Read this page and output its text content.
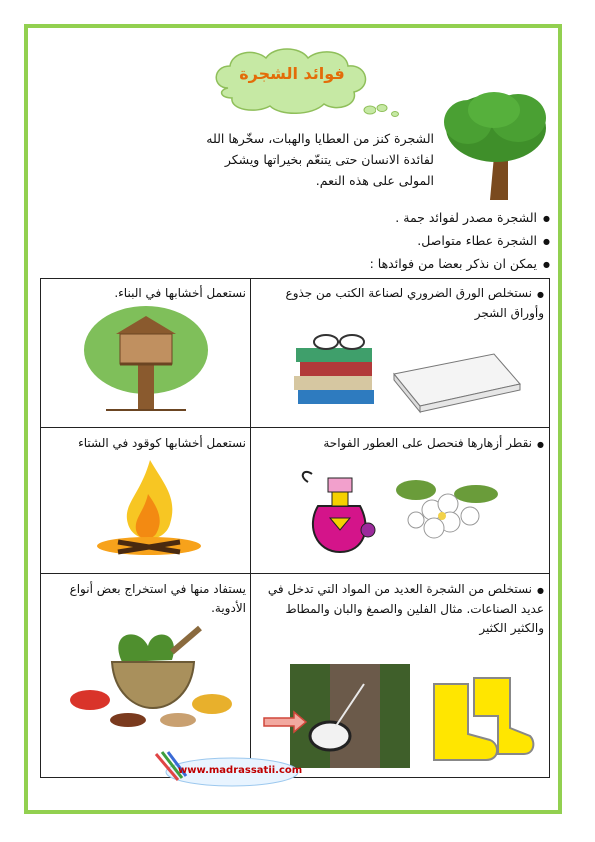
فوائد الشجرة
الشجرة كنز من العطايا والهبات، سخّرها الله لفائدة الانسان حتى يتنعّم بخيراتها ويشكر المولى على هذه النعم.
● الشجرة مصدر لفوائد جمة .
● الشجرة عطاء متواصل.
● يمكن ان نذكر بعضا من فوائدها :
● نستخلص الورق الضروري لصناعة الكتب من جذوع وأوراق الشجر
نستعمل أخشابها في البناء.
● نقطر أزهارها فنحصل على العطور الفواحة
نستعمل أخشابها كوقود في الشتاء
● نستخلص من الشجرة العديد من المواد التي تدخل في عديد الصناعات. مثال الفلين والصمغ والبان والمطاط والكثير الكثير
يستفاد منها في استخراج بعض أنواع الأدوية.
www.madrassatii.com
